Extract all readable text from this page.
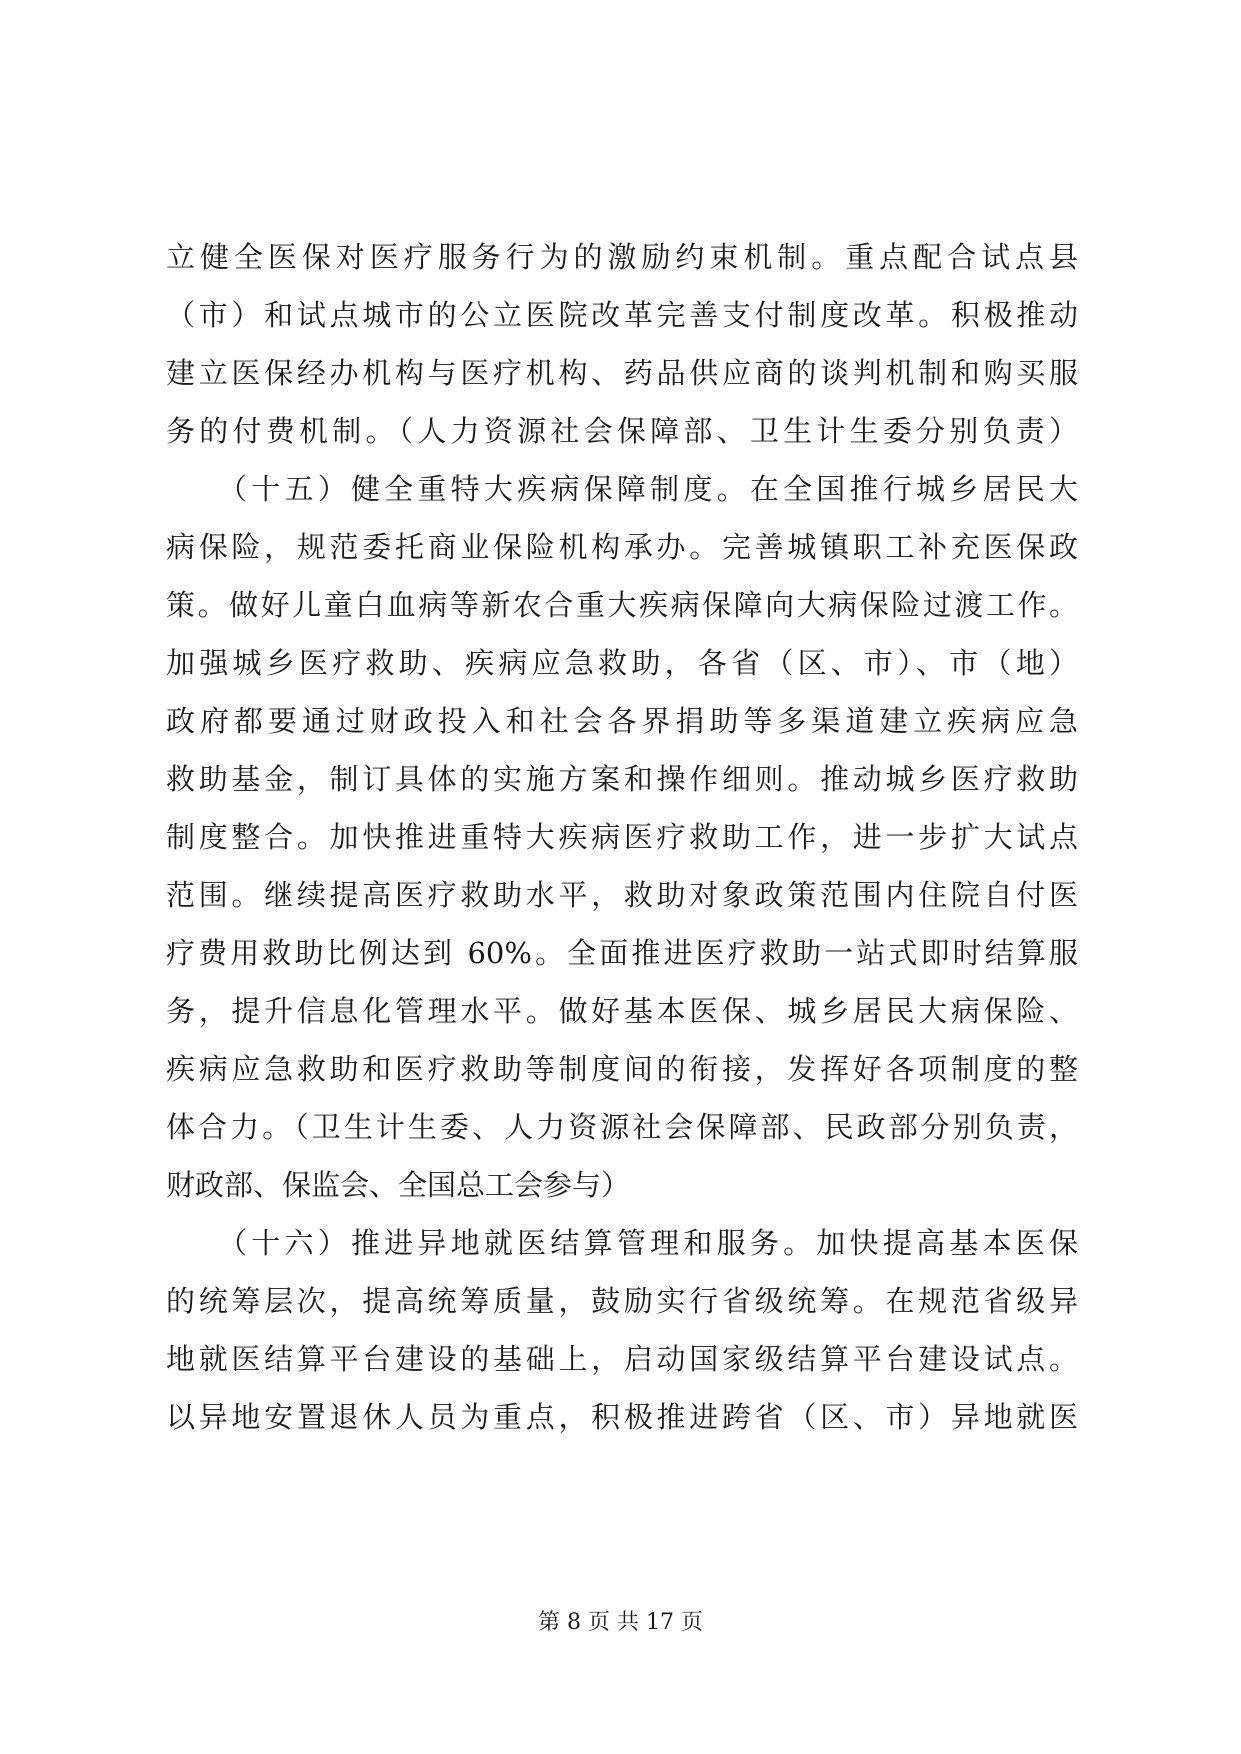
立健全医保对医疗服务行为的激励约束机制。重点配合试点县
（市）和试点城市的公立医院改革完善支付制度改革。积极推动
建立医保经办机构与医疗机构、药品供应商的谈判机制和购买服
务的付费机制。（人力资源社会保障部、卫生计生委分别负责）
　　（十五）健全重特大疾病保障制度。在全国推行城乡居民大
病保险，规范委托商业保险机构承办。完善城镇职工补充医保政
策。做好儿童白血病等新农合重大疾病保障向大病保险过渡工作。
加强城乡医疗救助、疾病应急救助，各省（区、市）、市（地）
政府都要通过财政投入和社会各界捐助等多渠道建立疾病应急
救助基金，制订具体的实施方案和操作细则。推动城乡医疗救助
制度整合。加快推进重特大疾病医疗救助工作，进一步扩大试点
范围。继续提高医疗救助水平，救助对象政策范围内住院自付医
疗费用救助比例达到 60%。全面推进医疗救助一站式即时结算服
务，提升信息化管理水平。做好基本医保、城乡居民大病保险、
疾病应急救助和医疗救助等制度间的衔接，发挥好各项制度的整
体合力。（卫生计生委、人力资源社会保障部、民政部分别负责，
财政部、保监会、全国总工会参与）
　　（十六）推进异地就医结算管理和服务。加快提高基本医保
的统筹层次，提高统筹质量，鼓励实行省级统筹。在规范省级异
地就医结算平台建设的基础上，启动国家级结算平台建设试点。
以异地安置退休人员为重点，积极推进跨省（区、市）异地就医
第 8 页 共 17 页
